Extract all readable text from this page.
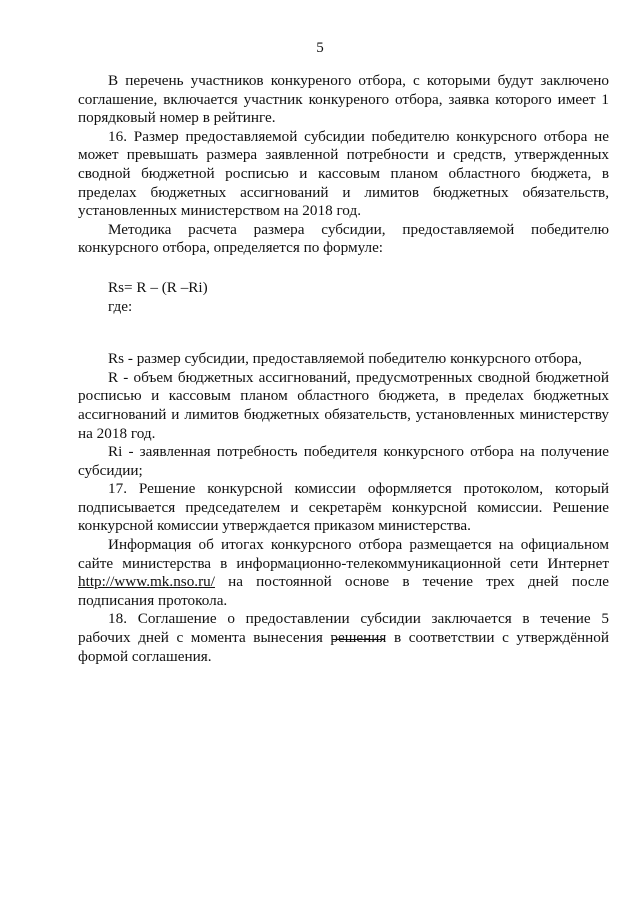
5

В перечень участников конкуреного отбора, с которыми будут заключено соглашение, включается участник конкуреного отбора, заявка которого имеет 1 порядковый номер в рейтинге.

16. Размер предоставляемой субсидии победителю конкурсного отбора не может превышать размера заявленной потребности и средств, утвержденных сводной бюджетной росписью и кассовым планом областного бюджета, в пределах бюджетных ассигнований и лимитов бюджетных обязательств, установленных министерством на 2018 год.

Методика расчета размера субсидии, предоставляемой победителю конкурсного отбора, определяется по формуле:

Rs= R – (R –Ri)

где:

Rs - размер субсидии, предоставляемой победителю конкурсного отбора,

R - объем бюджетных ассигнований, предусмотренных сводной бюджетной росписью и кассовым планом областного бюджета, в пределах бюджетных ассигнований и лимитов бюджетных обязательств, установленных министерству на 2018 год.

Ri - заявленная потребность победителя конкурсного отбора на получение субсидии;

17. Решение конкурсной комиссии оформляется протоколом, который подписывается председателем и секретарём конкурсной комиссии. Решение конкурсной комиссии утверждается приказом министерства.

Информация об итогах конкурсного отбора размещается на официальном сайте министерства в информационно-телекоммуникационной сети Интернет http://www.mk.nso.ru/ на постоянной основе в течение трех дней после подписания протокола.

18. Соглашение о предоставлении субсидии заключается в течение 5 рабочих дней с момента вынесения решения в соответствии с утверждённой формой соглашения.
